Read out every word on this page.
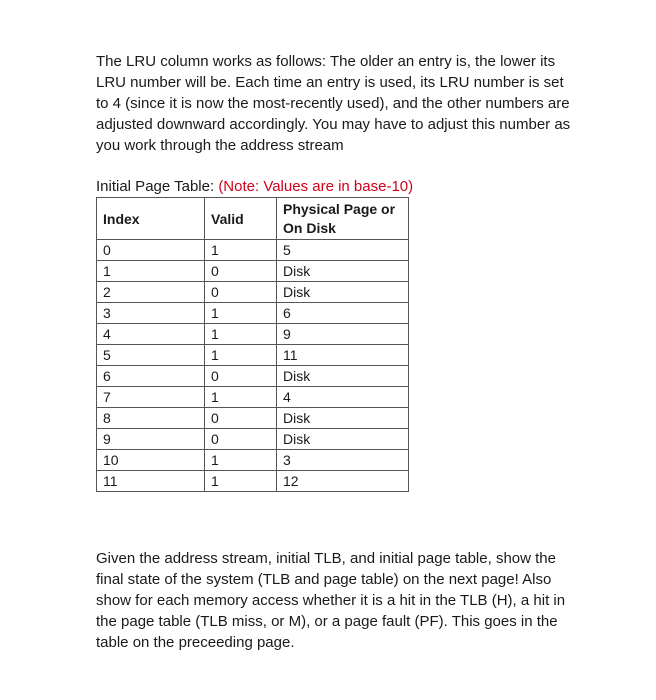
The LRU column works as follows: The older an entry is, the lower its LRU number will be. Each time an entry is used, its LRU number is set to 4 (since it is now the most-recently used), and the other numbers are adjusted downward accordingly. You may have to adjust this number as you work through the address stream

Initial Page Table: (Note: Values are in base-10)
Index	Valid	Physical Page or On Disk
0	1	5
1	0	Disk
2	0	Disk
3	1	6
4	1	9
5	1	11
6	0	Disk
7	1	4
8	0	Disk
9	0	Disk
10	1	3
11	1	12

Given the address stream, initial TLB, and initial page table, show the final state of the system (TLB and page table) on the next page! Also show for each memory access whether it is a hit in the TLB (H), a hit in the page table (TLB miss, or M), or a page fault (PF). This goes in the table on the preceeding page.
